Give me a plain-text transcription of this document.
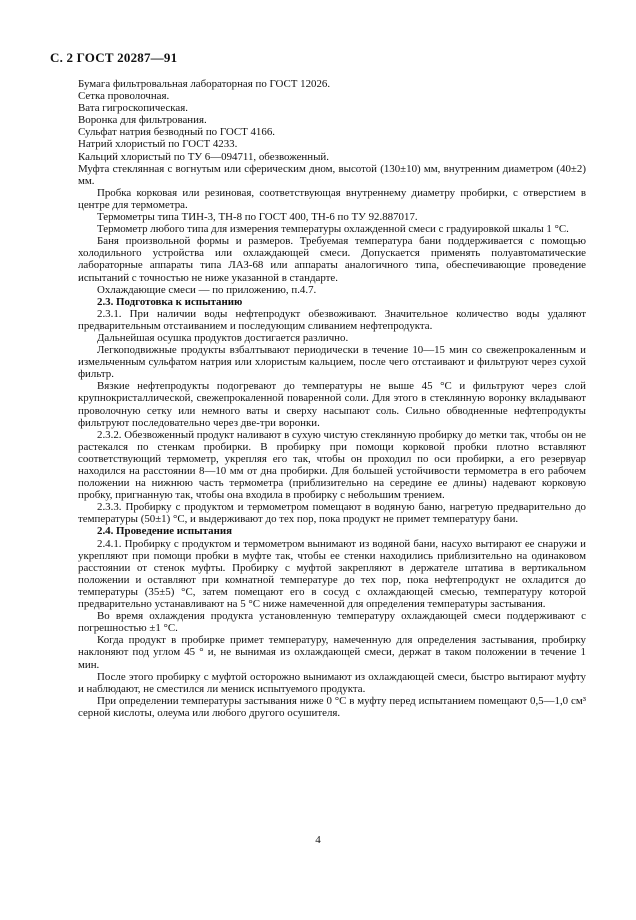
С. 2 ГОСТ 20287—91

Бумага фильтровальная лабораторная по ГОСТ 12026.

Сетка проволочная.

Вата гигроскопическая.

Воронка для фильтрования.

Сульфат натрия безводный по ГОСТ 4166.

Натрий хлористый по ГОСТ 4233.

Кальций хлористый по ТУ 6—094711, обезвоженный.

Муфта стеклянная с вогнутым или сферическим дном, высотой (130±10) мм, внутренним диаметром (40±2) мм.

Пробка корковая или резиновая, соответствующая внутреннему диаметру пробирки, с отверстием в центре для термометра.

Термометры типа ТИН-3, ТН-8 по ГОСТ 400, ТН-6 по ТУ 92.887017.

Термометр любого типа для измерения температуры охлажденной смеси с градуировкой шкалы 1 °С.

Баня произвольной формы и размеров. Требуемая температура бани поддерживается с помощью холодильного устройства или охлаждающей смеси. Допускается применять полуавтоматические лабораторные аппараты типа ЛАЗ-68 или аппараты аналогичного типа, обеспечивающие проведение испытаний с точностью не ниже указанной в стандарте.

Охлаждающие смеси — по приложению, п.4.7.

2.3. Подготовка к испытанию

2.3.1. При наличии воды нефтепродукт обезвоживают. Значительное количество воды удаляют предварительным отстаиванием и последующим сливанием нефтепродукта.

Дальнейшая осушка продуктов достигается различно.

Легкоподвижные продукты взбалтывают периодически в течение 10—15 мин со свежепрокаленным и измельченным сульфатом натрия или хлористым кальцием, после чего отстаивают и фильтруют через сухой фильтр.

Вязкие нефтепродукты подогревают до температуры не выше 45 °С и фильтруют через слой крупнокристаллической, свежепрокаленной поваренной соли. Для этого в стеклянную воронку вкладывают проволочную сетку или немного ваты и сверху насыпают соль. Сильно обводненные нефтепродукты фильтруют последовательно через две-три воронки.

2.3.2. Обезвоженный продукт наливают в сухую чистую стеклянную пробирку до метки так, чтобы он не растекался по стенкам пробирки. В пробирку при помощи корковой пробки плотно вставляют соответствующий термометр, укрепляя его так, чтобы он проходил по оси пробирки, а его резервуар находился на расстоянии 8—10 мм от дна пробирки. Для большей устойчивости термометра в его рабочем положении на нижнюю часть термометра (приблизительно на середине ее длины) надевают корковую пробку, пригнанную так, чтобы она входила в пробирку с небольшим трением.

2.3.3. Пробирку с продуктом и термометром помещают в водяную баню, нагретую предварительно до температуры (50±1) °С, и выдерживают до тех пор, пока продукт не примет температуру бани.

2.4. Проведение испытания

2.4.1. Пробирку с продуктом и термометром вынимают из водяной бани, насухо вытирают ее снаружи и укрепляют при помощи пробки в муфте так, чтобы ее стенки находились приблизительно на одинаковом расстоянии от стенок муфты. Пробирку с муфтой закрепляют в держателе штатива в вертикальном положении и оставляют при комнатной температуре до тех пор, пока нефтепродукт не охладится до температуры (35±5) °С, затем помещают его в сосуд с охлаждающей смесью, температуру которой предварительно устанавливают на 5 °С ниже намеченной для определения температуры застывания.

Во время охлаждения продукта установленную температуру охлаждающей смеси поддерживают с погрешностью ±1 °С.

Когда продукт в пробирке примет температуру, намеченную для определения застывания, пробирку наклоняют под углом 45 ° и, не вынимая из охлаждающей смеси, держат в таком положении в течение 1 мин.

После этого пробирку с муфтой осторожно вынимают из охлаждающей смеси, быстро вытирают муфту и наблюдают, не сместился ли мениск испытуемого продукта.

При определении температуры застывания ниже 0 °С в муфту перед испытанием помещают 0,5—1,0 см³ серной кислоты, олеума или любого другого осушителя.

4
